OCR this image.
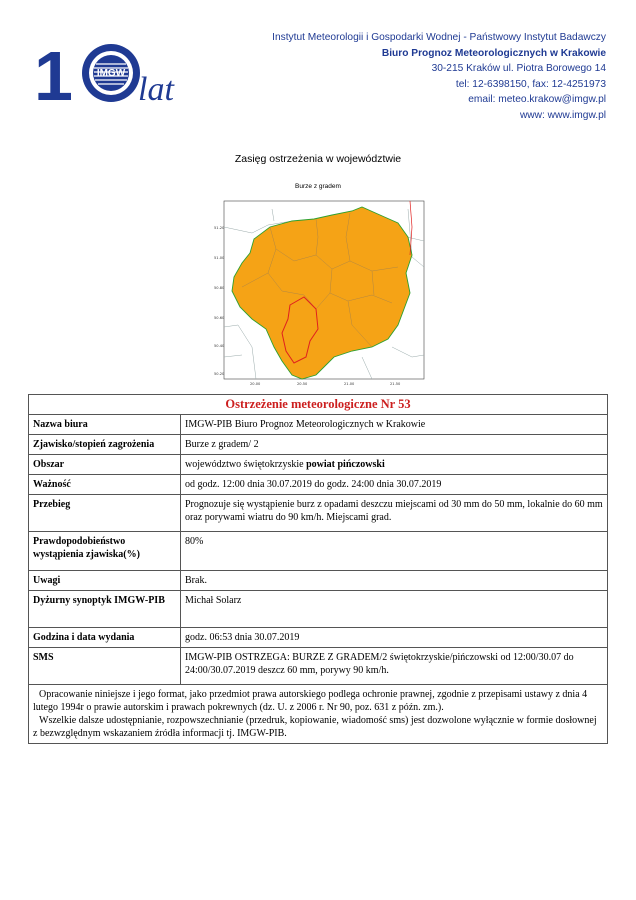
1	IMGW lat
Instytut Meteorologii i Gospodarki Wodnej - Państwowy Instytut Badawczy
Biuro Prognoz Meteorologicznych w Krakowie
30-215 Kraków ul. Piotra Borowego 14
tel: 12-6398150, fax: 12-4251973
email: meteo.krakow@imgw.pl
www: www.imgw.pl
Zasięg ostrzeżenia w województwie
Burze z gradem
51.20
51.00
50.80
50.60
50.40
50.20
20.00	20.50	21.00	21.50
Ostrzeżenie meteorologiczne Nr 53	
Nazwa biura	IMGW-PIB Biuro Prognoz Meteorologicznych w Krakowie
Zjawisko/stopień zagrożenia	Burze z gradem/ 2
Obszar	województwo świętokrzyskie powiat pińczowski
Ważność	od godz. 12:00 dnia 30.07.2019 do godz. 24:00 dnia 30.07.2019
Przebieg	Prognozuje się wystąpienie burz z opadami deszczu miejscami od 30 mm do 50 mm, lokalnie do 60 mm oraz porywami wiatru do 90 km/h. Miejscami grad.
Prawdopodobieństwo wystąpienia zjawiska(%)	80%
Uwagi	Brak.
Dyżurny synoptyk IMGW-PIB	Michał Solarz
Godzina i data wydania	godz. 06:53 dnia 30.07.2019
SMS	IMGW-PIB OSTRZEGA: BURZE Z GRADEM/2 świętokrzyskie/pińczowski od 12:00/30.07 do 24:00/30.07.2019 deszcz 60 mm, porywy 90 km/h.

Opracowanie niniejsze i jego format, jako przedmiot prawa autorskiego podlega ochronie prawnej, zgodnie z przepisami ustawy z dnia 4 lutego 1994r o prawie autorskim i prawach pokrewnych (dz. U. z 2006 r. Nr 90, poz. 631 z późn. zm.).

Wszelkie dalsze udostępnianie, rozpowszechnianie (przedruk, kopiowanie, wiadomość sms) jest dozwolone wyłącznie w formie dosłownej z bezwzględnym wskazaniem źródła informacji tj. IMGW-PIB.	
